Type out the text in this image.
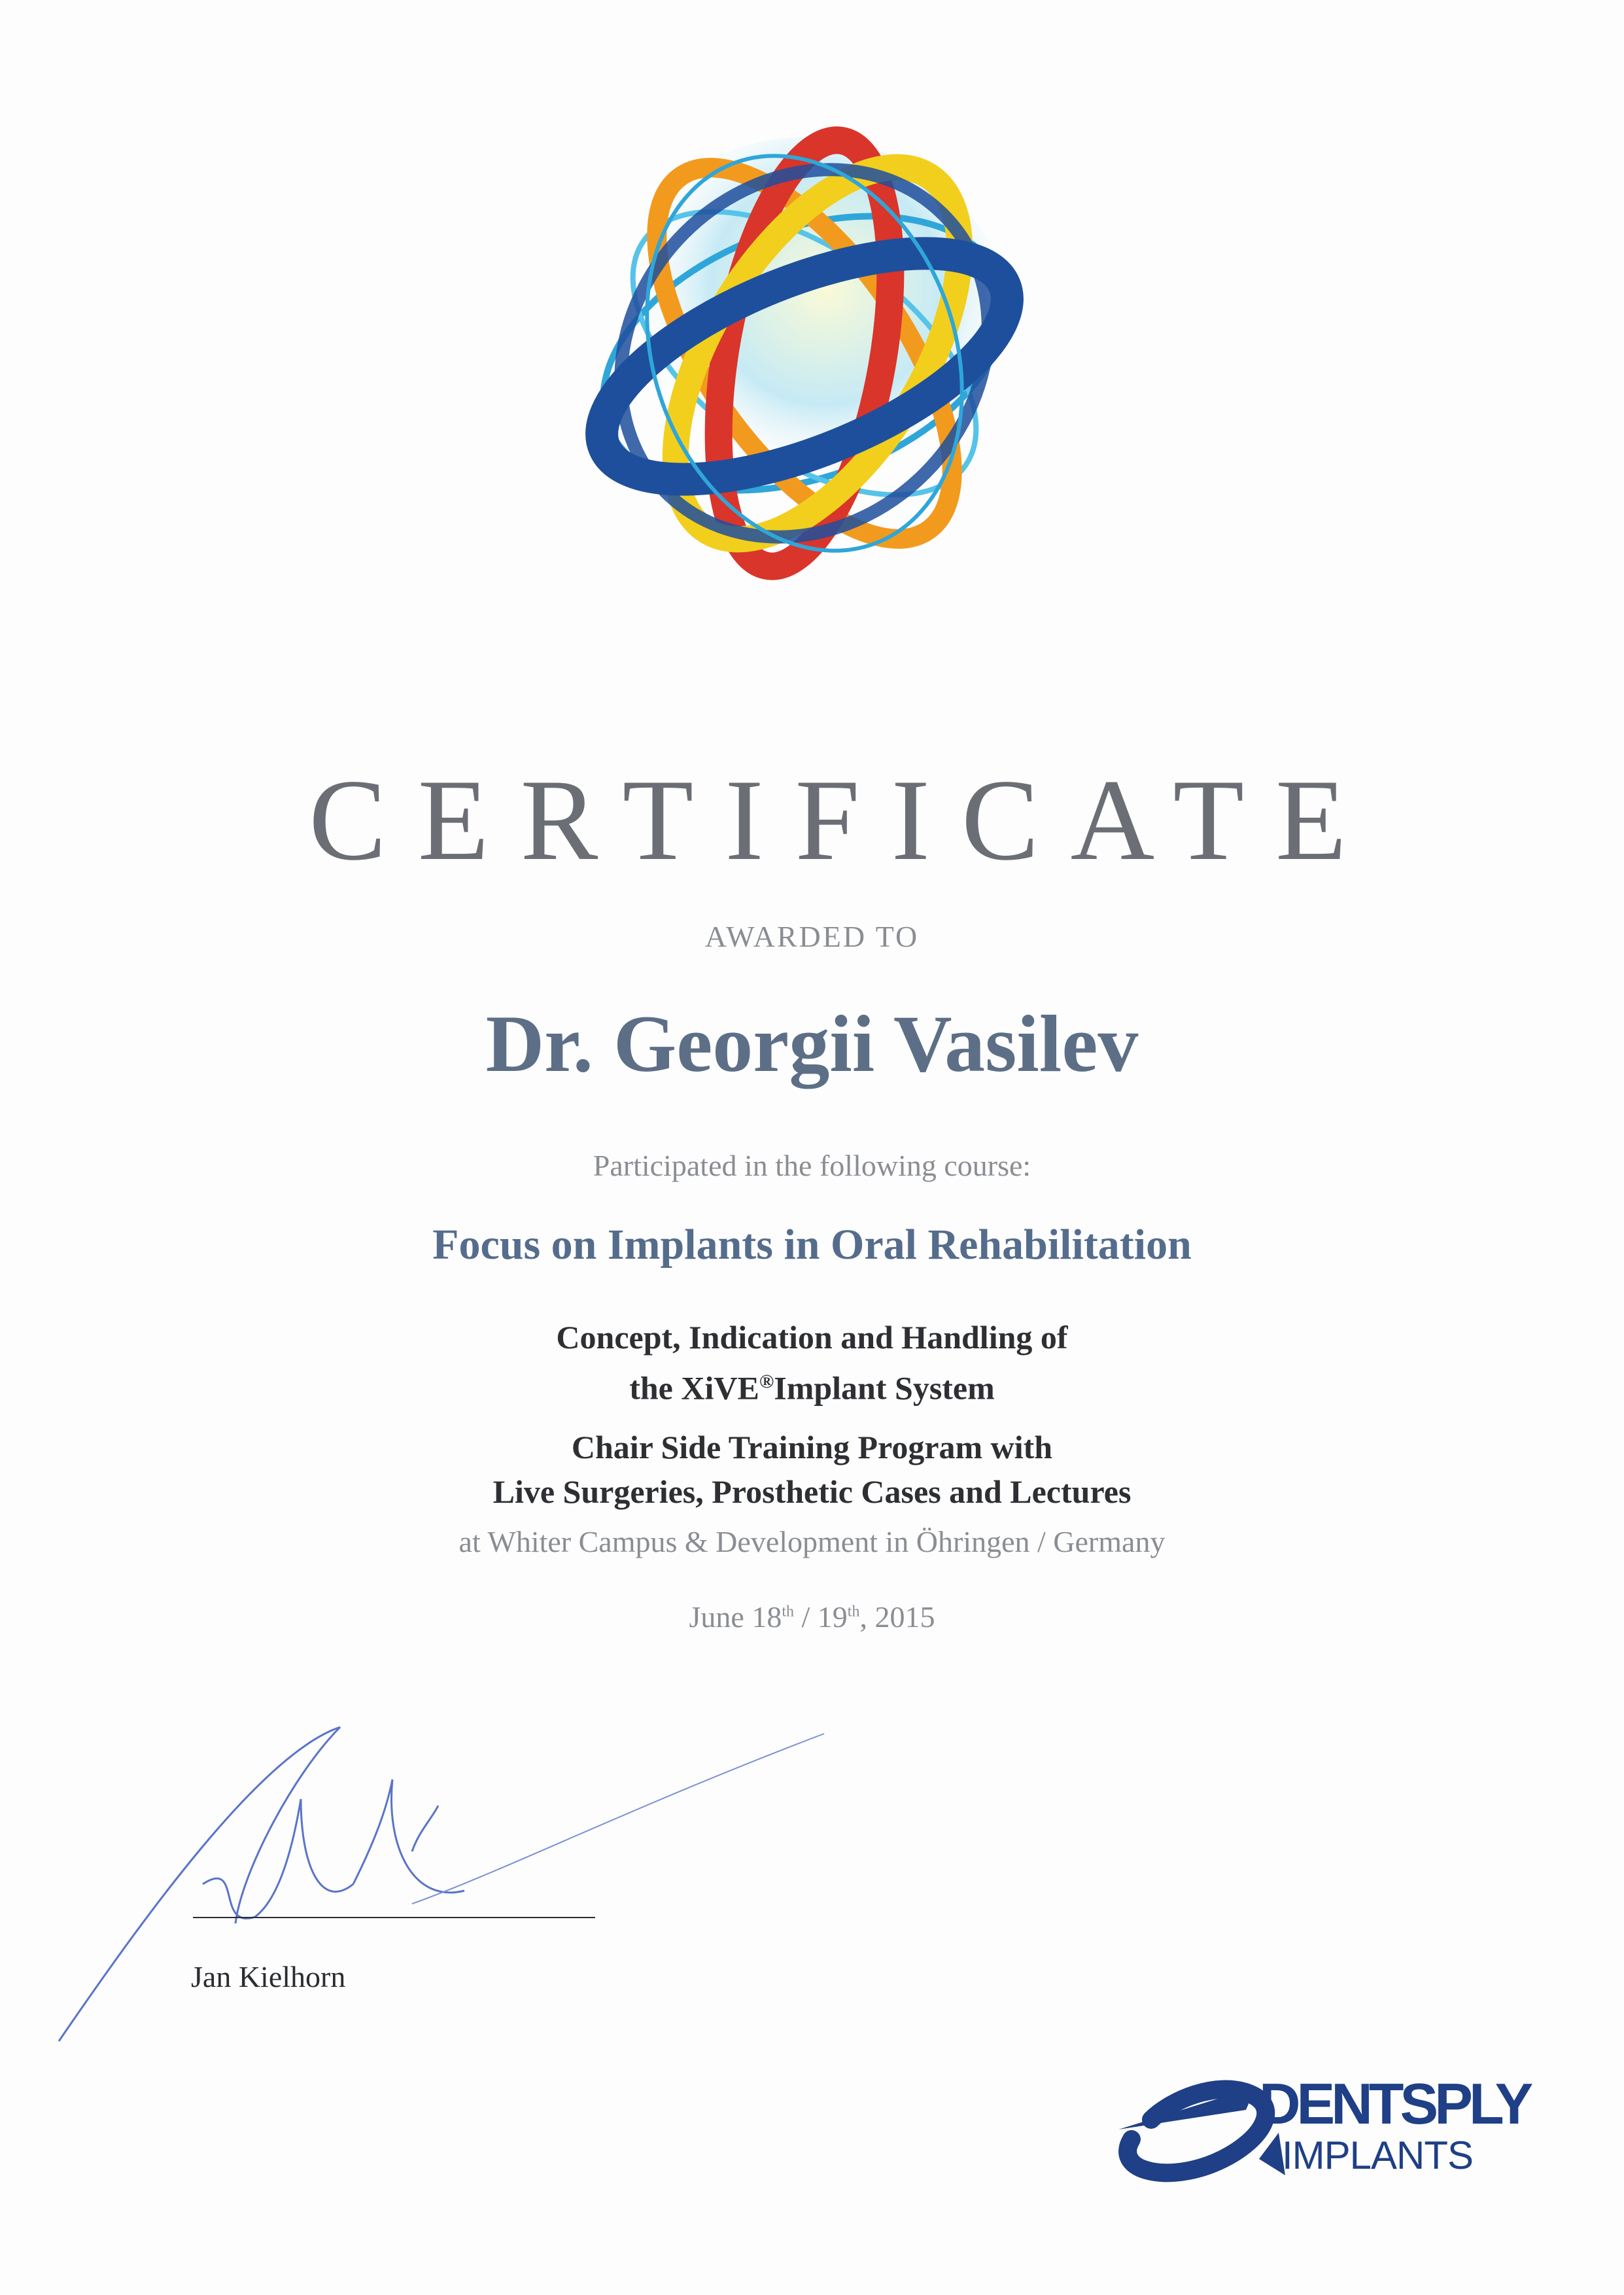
CERTIFICATE
AWARDED TO
Dr. Georgii Vasilev
Participated in the following course:
Focus on Implants in Oral Rehabilitation
Concept, Indication and Handling of
the XiVE®Implant System
Chair Side Training Program with
Live Surgeries, Prosthetic Cases and Lectures
at Whiter Campus & Development in Öhringen / Germany
June 18th / 19th, 2015
Jan Kielhorn
DENTSPLY
IMPLANTS
